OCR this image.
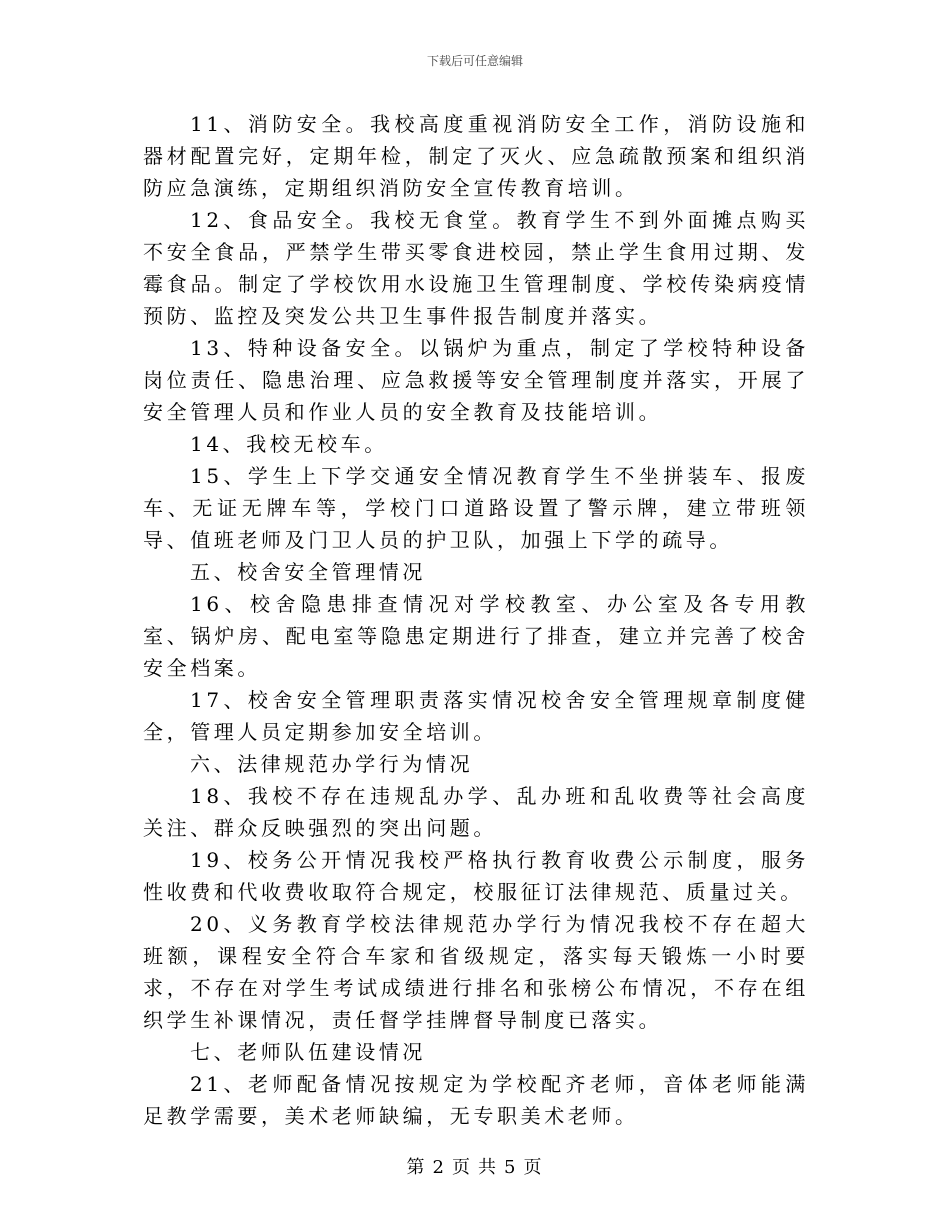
下载后可任意编辑

11、消防安全。我校高度重视消防安全工作，消防设施和器材配置完好，定期年检，制定了灭火、应急疏散预案和组织消防应急演练，定期组织消防安全宣传教育培训。

12、食品安全。我校无食堂。教育学生不到外面摊点购买不安全食品，严禁学生带买零食进校园，禁止学生食用过期、发霉食品。制定了学校饮用水设施卫生管理制度、学校传染病疫情预防、监控及突发公共卫生事件报告制度并落实。

13、特种设备安全。以锅炉为重点，制定了学校特种设备岗位责任、隐患治理、应急救援等安全管理制度并落实，开展了安全管理人员和作业人员的安全教育及技能培训。

14、我校无校车。

15、学生上下学交通安全情况教育学生不坐拼装车、报废车、无证无牌车等，学校门口道路设置了警示牌，建立带班领导、值班老师及门卫人员的护卫队，加强上下学的疏导。

五、校舍安全管理情况

16、校舍隐患排查情况对学校教室、办公室及各专用教室、锅炉房、配电室等隐患定期进行了排查，建立并完善了校舍安全档案。

17、校舍安全管理职责落实情况校舍安全管理规章制度健全，管理人员定期参加安全培训。

六、法律规范办学行为情况

18、我校不存在违规乱办学、乱办班和乱收费等社会高度关注、群众反映强烈的突出问题。

19、校务公开情况我校严格执行教育收费公示制度，服务性收费和代收费收取符合规定，校服征订法律规范、质量过关。

20、义务教育学校法律规范办学行为情况我校不存在超大班额，课程安全符合车家和省级规定，落实每天锻炼一小时要求，不存在对学生考试成绩进行排名和张榜公布情况，不存在组织学生补课情况，责任督学挂牌督导制度已落实。

七、老师队伍建设情况

21、老师配备情况按规定为学校配齐老师，音体老师能满足教学需要，美术老师缺编，无专职美术老师。

第 2 页 共 5 页
